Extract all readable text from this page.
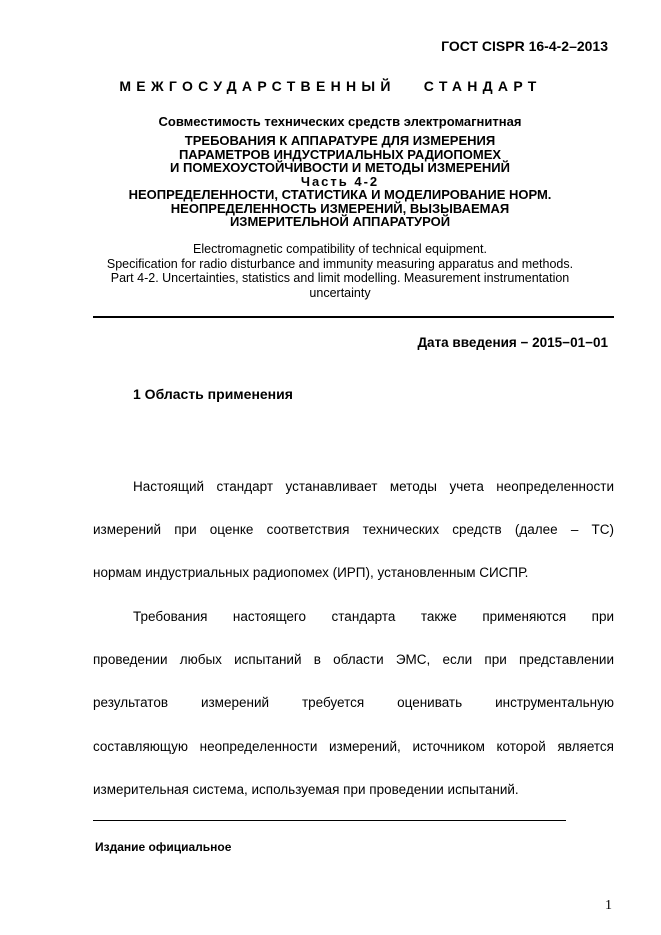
ГОСТ CISPR 16-4-2–2013
МЕЖГОСУДАРСТВЕННЫЙ СТАНДАРТ
Совместимость технических средств электромагнитная
ТРЕБОВАНИЯ К АППАРАТУРЕ ДЛЯ ИЗМЕРЕНИЯ
ПАРАМЕТРОВ ИНДУСТРИАЛЬНЫХ РАДИОПОМЕХ
И ПОМЕХОУСТОЙЧИВОСТИ И МЕТОДЫ ИЗМЕРЕНИЙ
Часть 4-2
НЕОПРЕДЕЛЕННОСТИ, СТАТИСТИКА И МОДЕЛИРОВАНИЕ НОРМ.
НЕОПРЕДЕЛЕННОСТЬ ИЗМЕРЕНИЙ, ВЫЗЫВАЕМАЯ
ИЗМЕРИТЕЛЬНОЙ АППАРАТУРОЙ
Electromagnetic compatibility of technical equipment.
Specification for radio disturbance and immunity measuring apparatus and methods.
Part 4-2. Uncertainties, statistics and limit modelling. Measurement instrumentation
uncertainty
Дата введения − 2015−01−01
1 Область применения
Настоящий стандарт устанавливает методы учета неопределенности
измерений при оценке соответствия технических средств (далее – ТС)
нормам индустриальных радиопомех (ИРП), установленным СИСПР.
Требования настоящего стандарта также применяются при
проведении любых испытаний в области ЭМС, если при представлении
результатов измерений требуется оценивать инструментальную
составляющую неопределенности измерений, источником которой является
измерительная система, используемая при проведении испытаний.
Издание официальное
1
